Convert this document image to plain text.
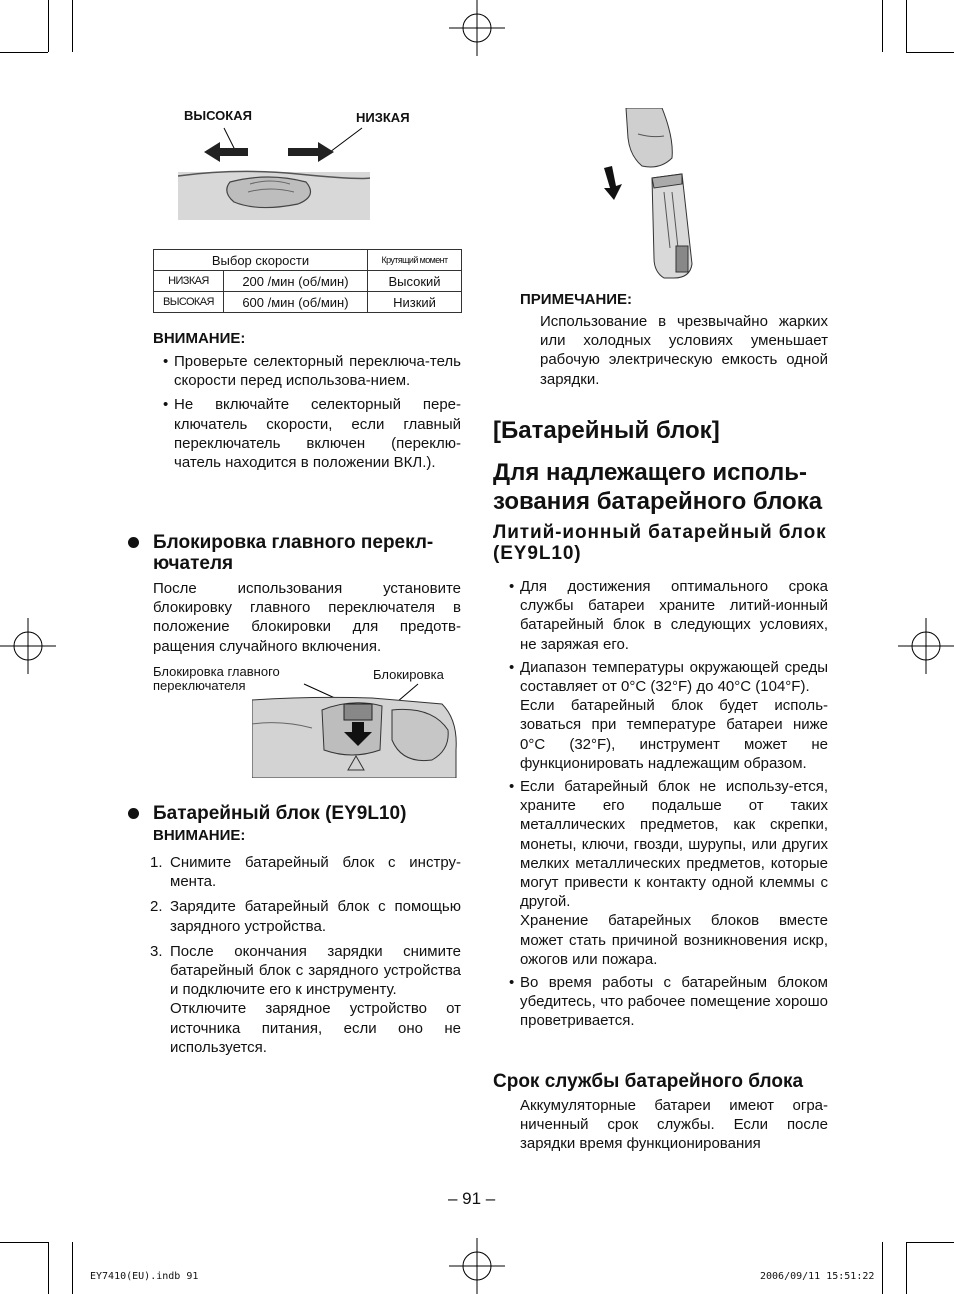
ВЫСОКАЯ	НИЗКАЯ
Выбор скорости		Крутящий момент
НИЗКАЯ	200 /мин (об/мин)	Высокий
ВЫСОКАЯ	600 /мин (об/мин)	Низкий
ВНИМАНИЕ:
• Проверьте селекторный переключа-тель скорости перед использова-нием.
• Не включайте селекторный пере-ключатель скорости, если главный переключатель включен (переклю-чатель находится в положении ВКЛ.).
Блокировка главного перекл-ючателя
После использования установите блокировку главного переключателя в положение блокировки для предотв-ращения случайного включения.
Блокировка главного переключателя
Блокировка
Батарейный блок (EY9L10)
ВНИМАНИЕ:
1. Снимите батарейный блок с инстру-мента.
2. Зарядите батарейный блок с помощью зарядного устройства.
3. После окончания зарядки снимите батарейный блок с зарядного устройства и подключите его к инструменту.
Отключите зарядное устройство от источника питания, если оно не используется.
ПРИМЕЧАНИЕ:
Использование в чрезвычайно жарких или холодных условиях уменьшает рабочую электрическую емкость одной зарядки.
[Батарейный блок]
Для надлежащего исполь-зования батарейного блока
Литий-ионный батарейный блок (EY9L10)
• Для достижения оптимального срока службы батареи храните литий-ионный батарейный блок в следующих условиях, не заряжая его.
• Диапазон температуры окружающей среды составляет от 0°C (32°F) до 40°C (104°F).
Если батарейный блок будет исполь-зоваться при температуре батареи ниже 0°C (32°F), инструмент может не функционировать надлежащим образом.
• Если батарейный блок не использу-ется, храните его подальше от таких металлических предметов, как скрепки, монеты, ключи, гвозди, шурупы, или других мелких металлических предметов, которые могут привести к контакту одной клеммы с другой.
Хранение батарейных блоков вместе может стать причиной возникновения искр, ожогов или пожара.
• Во время работы с батарейным блоком убедитесь, что рабочее помещение хорошо проветривается.
Срок службы батарейного блока
Аккумуляторные батареи имеют огра-ниченный срок службы. Если после зарядки время функционирования
– 91 –
EY7410(EU).indb 91	2006/09/11 15:51:22
